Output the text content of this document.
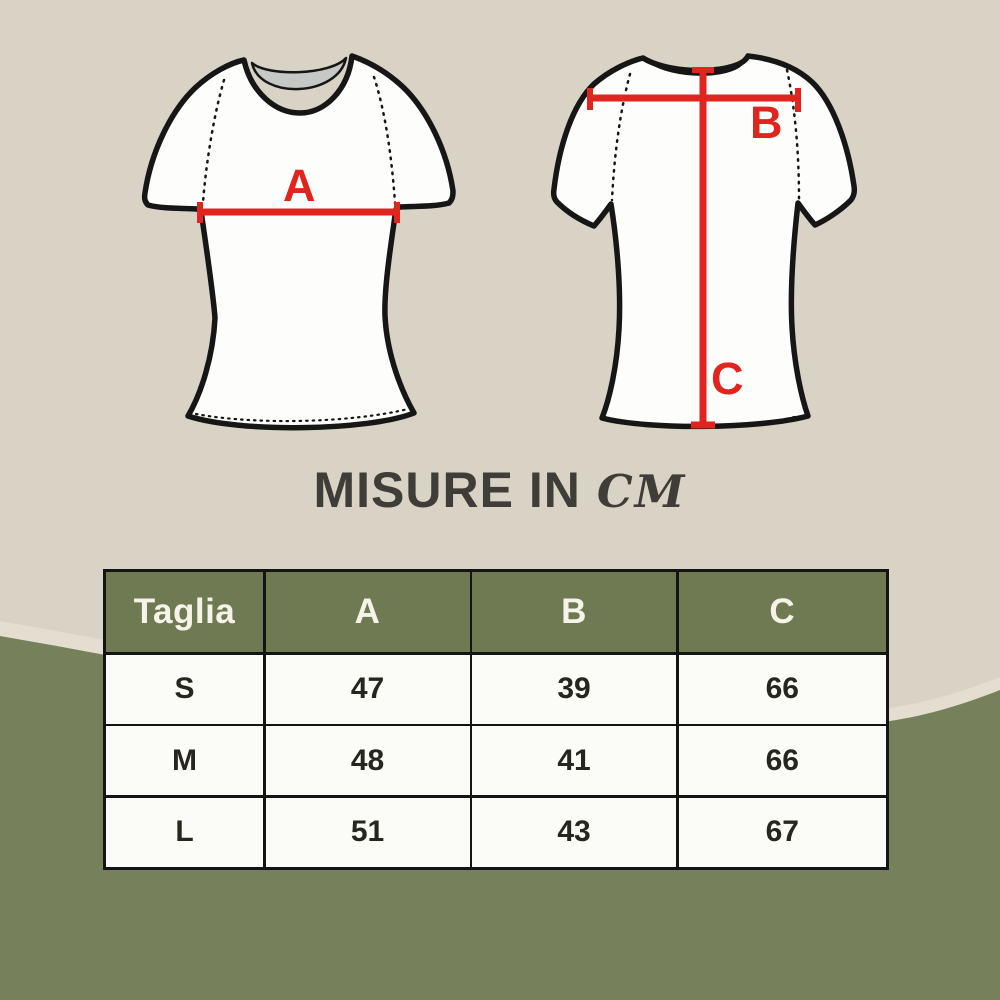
A
B
C
MISURE IN CM
Taglia	A	B	C
S	47	39	66
M	48	41	66
L	51	43	67
